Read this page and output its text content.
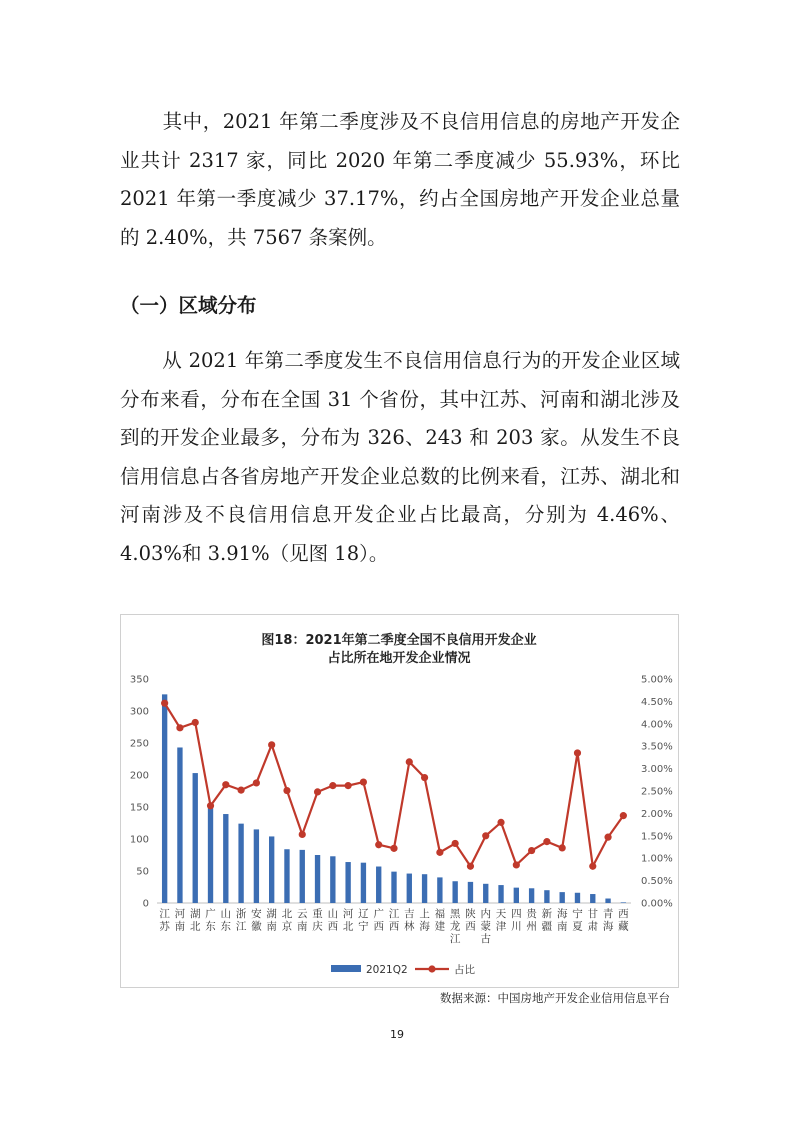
其中，2021 年第二季度涉及不良信用信息的房地产开发企业共计 2317 家，同比 2020 年第二季度减少 55.93%，环比 2021 年第一季度减少 37.17%，约占全国房地产开发企业总量的 2.40%，共 7567 条案例。

（一）区域分布

从 2021 年第二季度发生不良信用信息行为的开发企业区域分布来看，分布在全国 31 个省份，其中江苏、河南和湖北涉及到的开发企业最多，分布为 326、243 和 203 家。从发生不良信用信息占各省房地产开发企业总数的比例来看，江苏、湖北和河南涉及不良信用信息开发企业占比最高，分别为 4.46%、4.03%和 3.91%（见图 18）。

图18：2021年第二季度全国不良信用开发企业
占比所在地开发企业情况
0
50
100
150
200
250
300
350
0.00%
0.50%
1.00%
1.50%
2.00%
2.50%
3.00%
3.50%
4.00%
4.50%
5.00%
江苏
河南
湖北
广东
山东
浙江
安徽
湖南
北京
云南
重庆
山西
河北
辽宁
广西
江西
吉林
上海
福建
黑龙江
陕西
内蒙古
天津
四川
贵州
新疆
海南
宁夏
甘肃
青海
西藏
2021Q2	占比
数据来源：中国房地产开发企业信用信息平台
19
